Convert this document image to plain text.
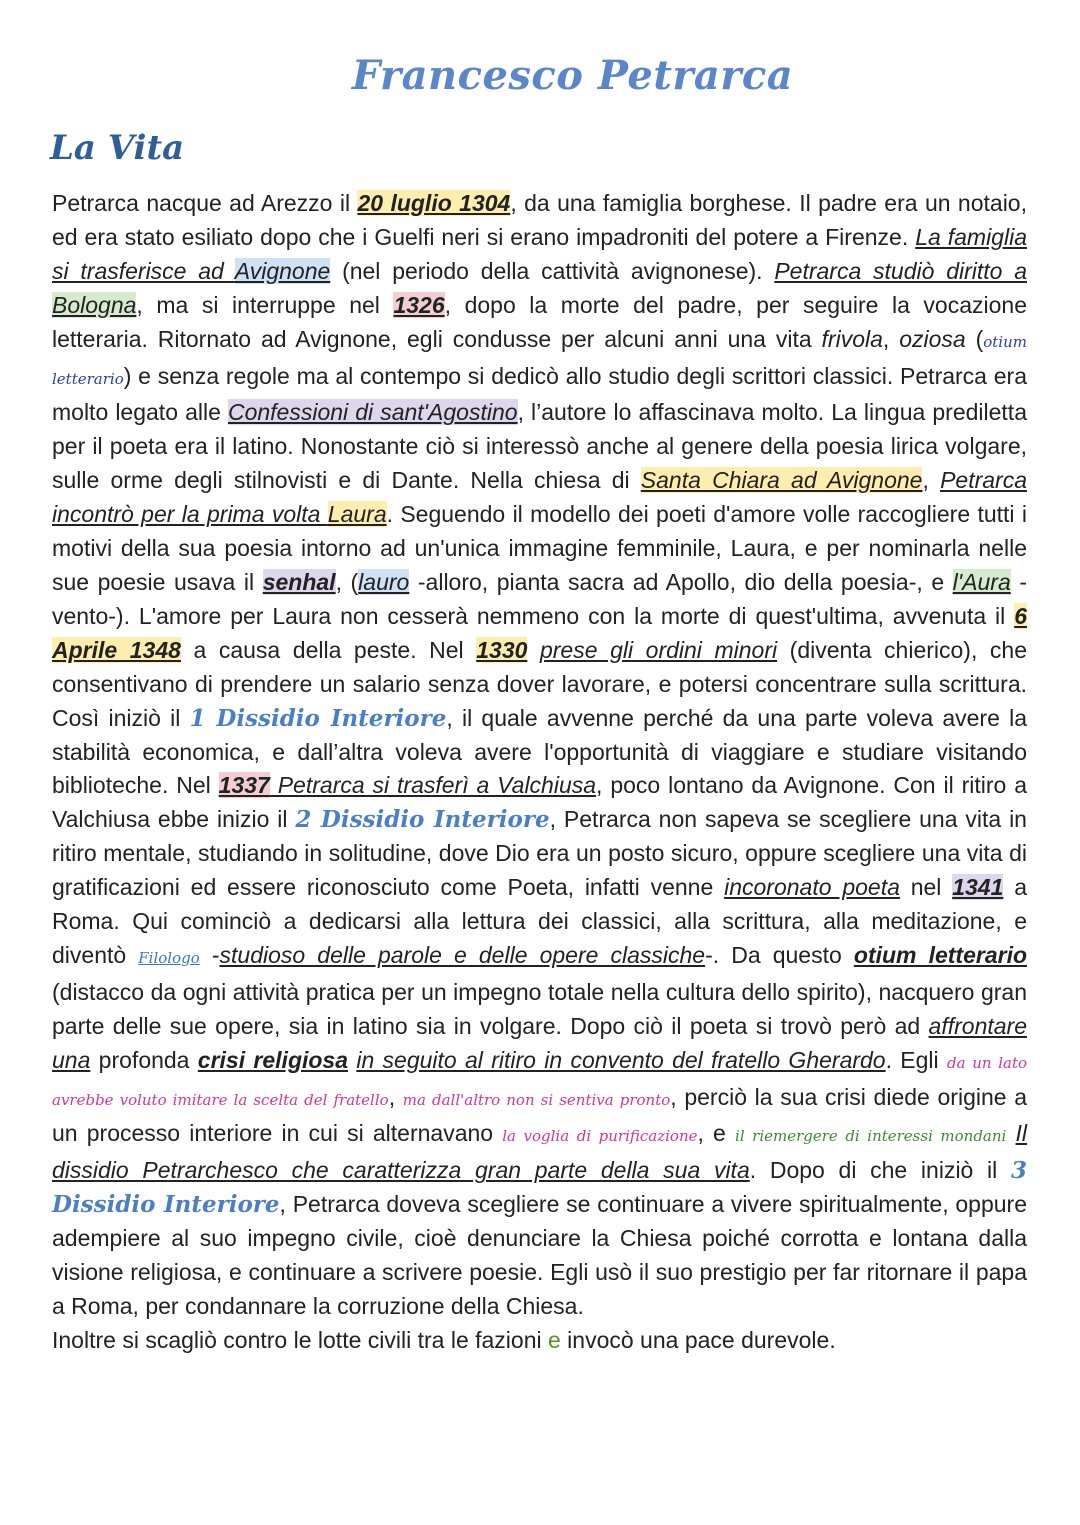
Francesco Petrarca
La Vita
Petrarca nacque ad Arezzo il 20 luglio 1304, da una famiglia borghese. Il padre era un notaio, ed era stato esiliato dopo che i Guelfi neri si erano impadroniti del potere a Firenze. La famiglia si trasferisce ad Avignone (nel periodo della cattività avignonese). Petrarca studiò diritto a Bologna, ma si interruppe nel 1326, dopo la morte del padre, per seguire la vocazione letteraria. Ritornato ad Avignone, egli condusse per alcuni anni una vita frivola, oziosa (otium letterario) e senza regole ma al contempo si dedicò allo studio degli scrittori classici. Petrarca era molto legato alle Confessioni di sant'Agostino, l’autore lo affascinava molto. La lingua prediletta per il poeta era il latino. Nonostante ciò si interessò anche al genere della poesia lirica volgare, sulle orme degli stilnovisti e di Dante. Nella chiesa di Santa Chiara ad Avignone, Petrarca incontrò per la prima volta Laura. Seguendo il modello dei poeti d'amore volle raccogliere tutti i motivi della sua poesia intorno ad un'unica immagine femminile, Laura, e per nominarla nelle sue poesie usava il senhal, (lauro -alloro, pianta sacra ad Apollo, dio della poesia-, e l'Aura -vento-). L'amore per Laura non cesserà nemmeno con la morte di quest'ultima, avvenuta il 6 Aprile 1348 a causa della peste. Nel 1330 prese gli ordini minori (diventa chierico), che consentivano di prendere un salario senza dover lavorare, e potersi concentrare sulla scrittura. Così iniziò il 1 Dissidio Interiore, il quale avvenne perché da una parte voleva avere la stabilità economica, e dall’altra voleva avere l'opportunità di viaggiare e studiare visitando biblioteche. Nel 1337 Petrarca si trasferì a Valchiusa, poco lontano da Avignone. Con il ritiro a Valchiusa ebbe inizio il 2 Dissidio Interiore, Petrarca non sapeva se scegliere una vita in ritiro mentale, studiando in solitudine, dove Dio era un posto sicuro, oppure scegliere una vita di gratificazioni ed essere riconosciuto come Poeta, infatti venne incoronato poeta nel 1341 a Roma. Qui cominciò a dedicarsi alla lettura dei classici, alla scrittura, alla meditazione, e diventò Filologo -studioso delle parole e delle opere classiche-. Da questo otium letterario (distacco da ogni attività pratica per un impegno totale nella cultura dello spirito), nacquero gran parte delle sue opere, sia in latino sia in volgare. Dopo ciò il poeta si trovò però ad affrontare una profonda crisi religiosa in seguito al ritiro in convento del fratello Gherardo. Egli da un lato avrebbe voluto imitare la scelta del fratello, ma dall'altro non si sentiva pronto, perciò la sua crisi diede origine a un processo interiore in cui si alternavano la voglia di purificazione, e il riemergere di interessi mondani Il dissidio Petrarchesco che caratterizza gran parte della sua vita. Dopo di che iniziò il 3 Dissidio Interiore, Petrarca doveva scegliere se continuare a vivere spiritualmente, oppure adempiere al suo impegno civile, cioè denunciare la Chiesa poiché corrotta e lontana dalla visione religiosa, e continuare a scrivere poesie. Egli usò il suo prestigio per far ritornare il papa a Roma, per condannare la corruzione della Chiesa.
Inoltre si scagliò contro le lotte civili tra le fazioni e invocò una pace durevole.
